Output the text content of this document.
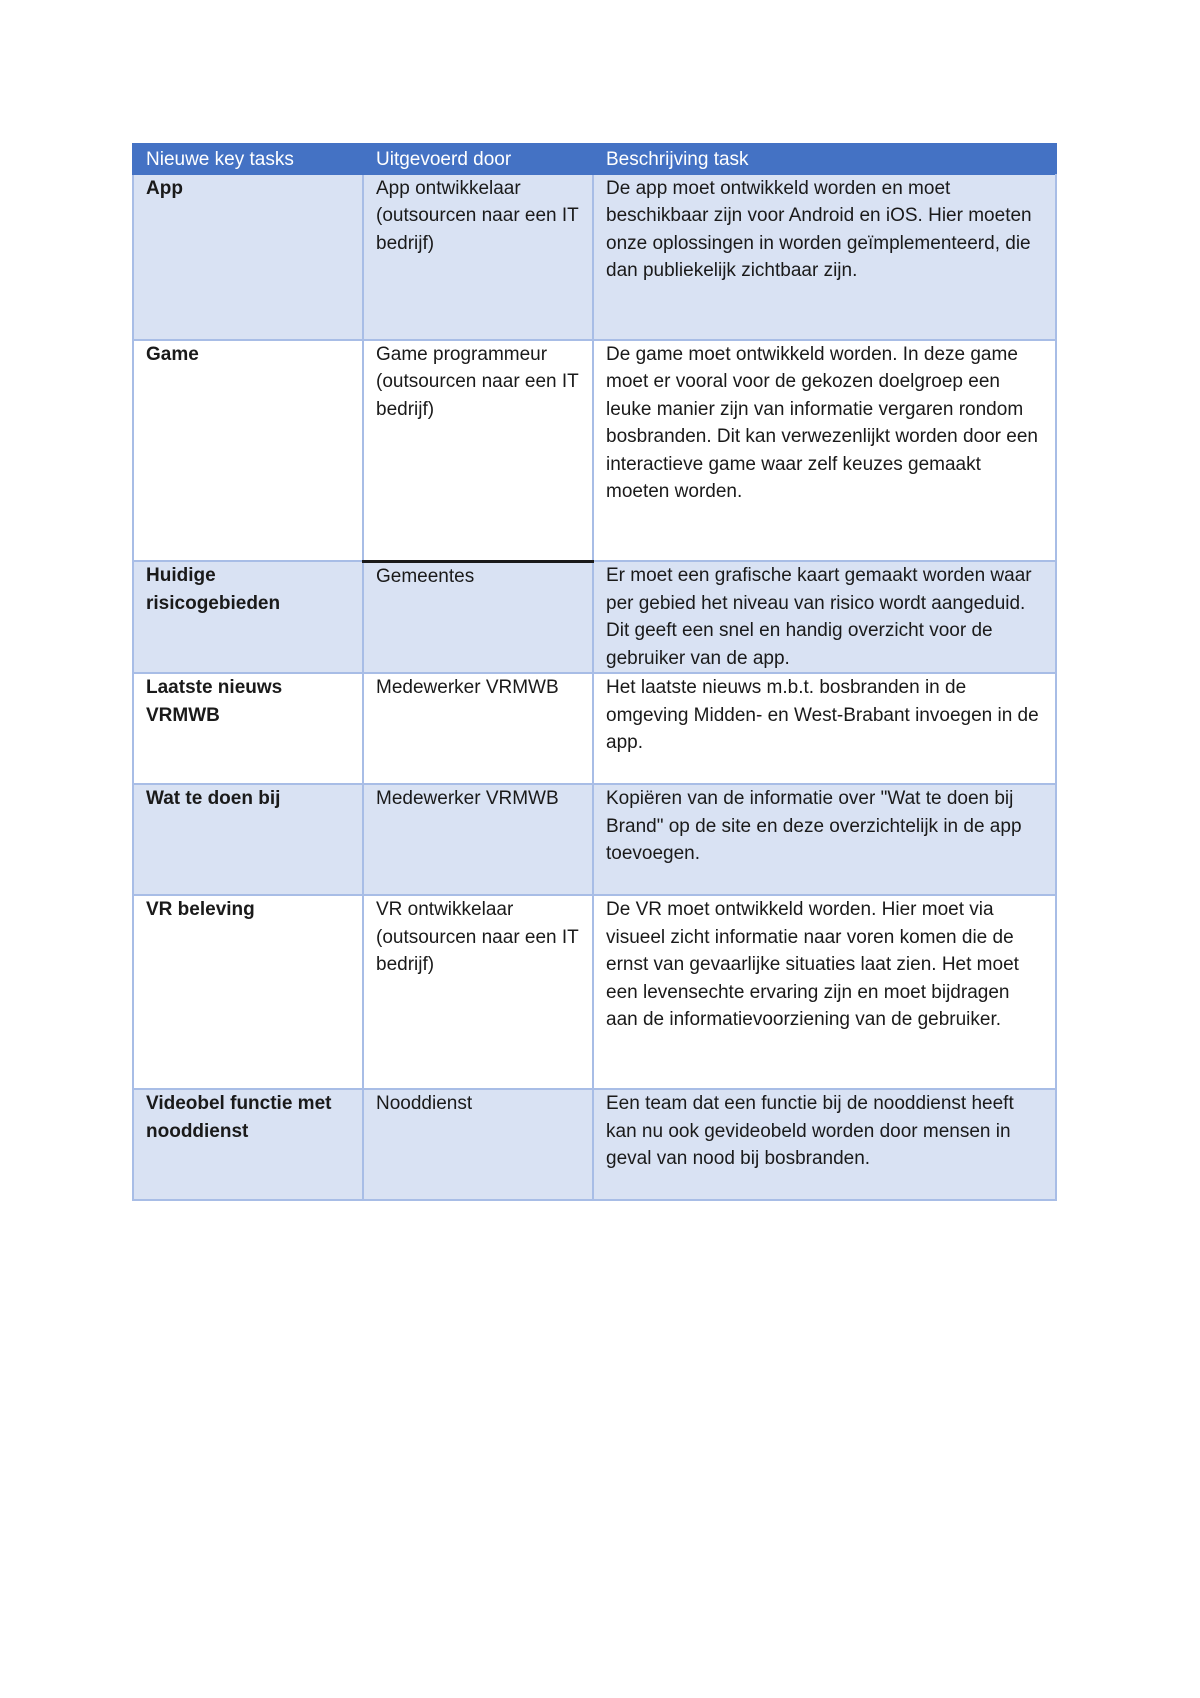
Nieuwe key tasks	Uitgevoerd door	Beschrijving task
App	App ontwikkelaar (outsourcen naar een IT bedrijf)	De app moet ontwikkeld worden en moet beschikbaar zijn voor Android en iOS. Hier moeten onze oplossingen in worden geïmplementeerd, die dan publiekelijk zichtbaar zijn.
Game	Game programmeur (outsourcen naar een IT bedrijf)	De game moet ontwikkeld worden. In deze game moet er vooral voor de gekozen doelgroep een leuke manier zijn van informatie vergaren rondom bosbranden. Dit kan verwezenlijkt worden door een interactieve game waar zelf keuzes gemaakt moeten worden.
Huidige risicogebieden	Gemeentes	Er moet een grafische kaart gemaakt worden waar per gebied het niveau van risico wordt aangeduid. Dit geeft een snel en handig overzicht voor de gebruiker van de app.
Laatste nieuws VRMWB	Medewerker VRMWB	Het laatste nieuws m.b.t. bosbranden in de omgeving Midden- en West-Brabant invoegen in de app.
Wat te doen bij	Medewerker VRMWB	Kopiëren van de informatie over "Wat te doen bij Brand" op de site en deze overzichtelijk in de app toevoegen.
VR beleving	VR ontwikkelaar (outsourcen naar een IT bedrijf)	De VR moet ontwikkeld worden. Hier moet via visueel zicht informatie naar voren komen die de ernst van gevaarlijke situaties laat zien. Het moet een levensechte ervaring zijn en moet bijdragen aan de informatievoorziening van de gebruiker.
Videobel functie met nooddienst	Nooddienst	Een team dat een functie bij de nooddienst heeft kan nu ook gevideobeld worden door mensen in geval van nood bij bosbranden.
